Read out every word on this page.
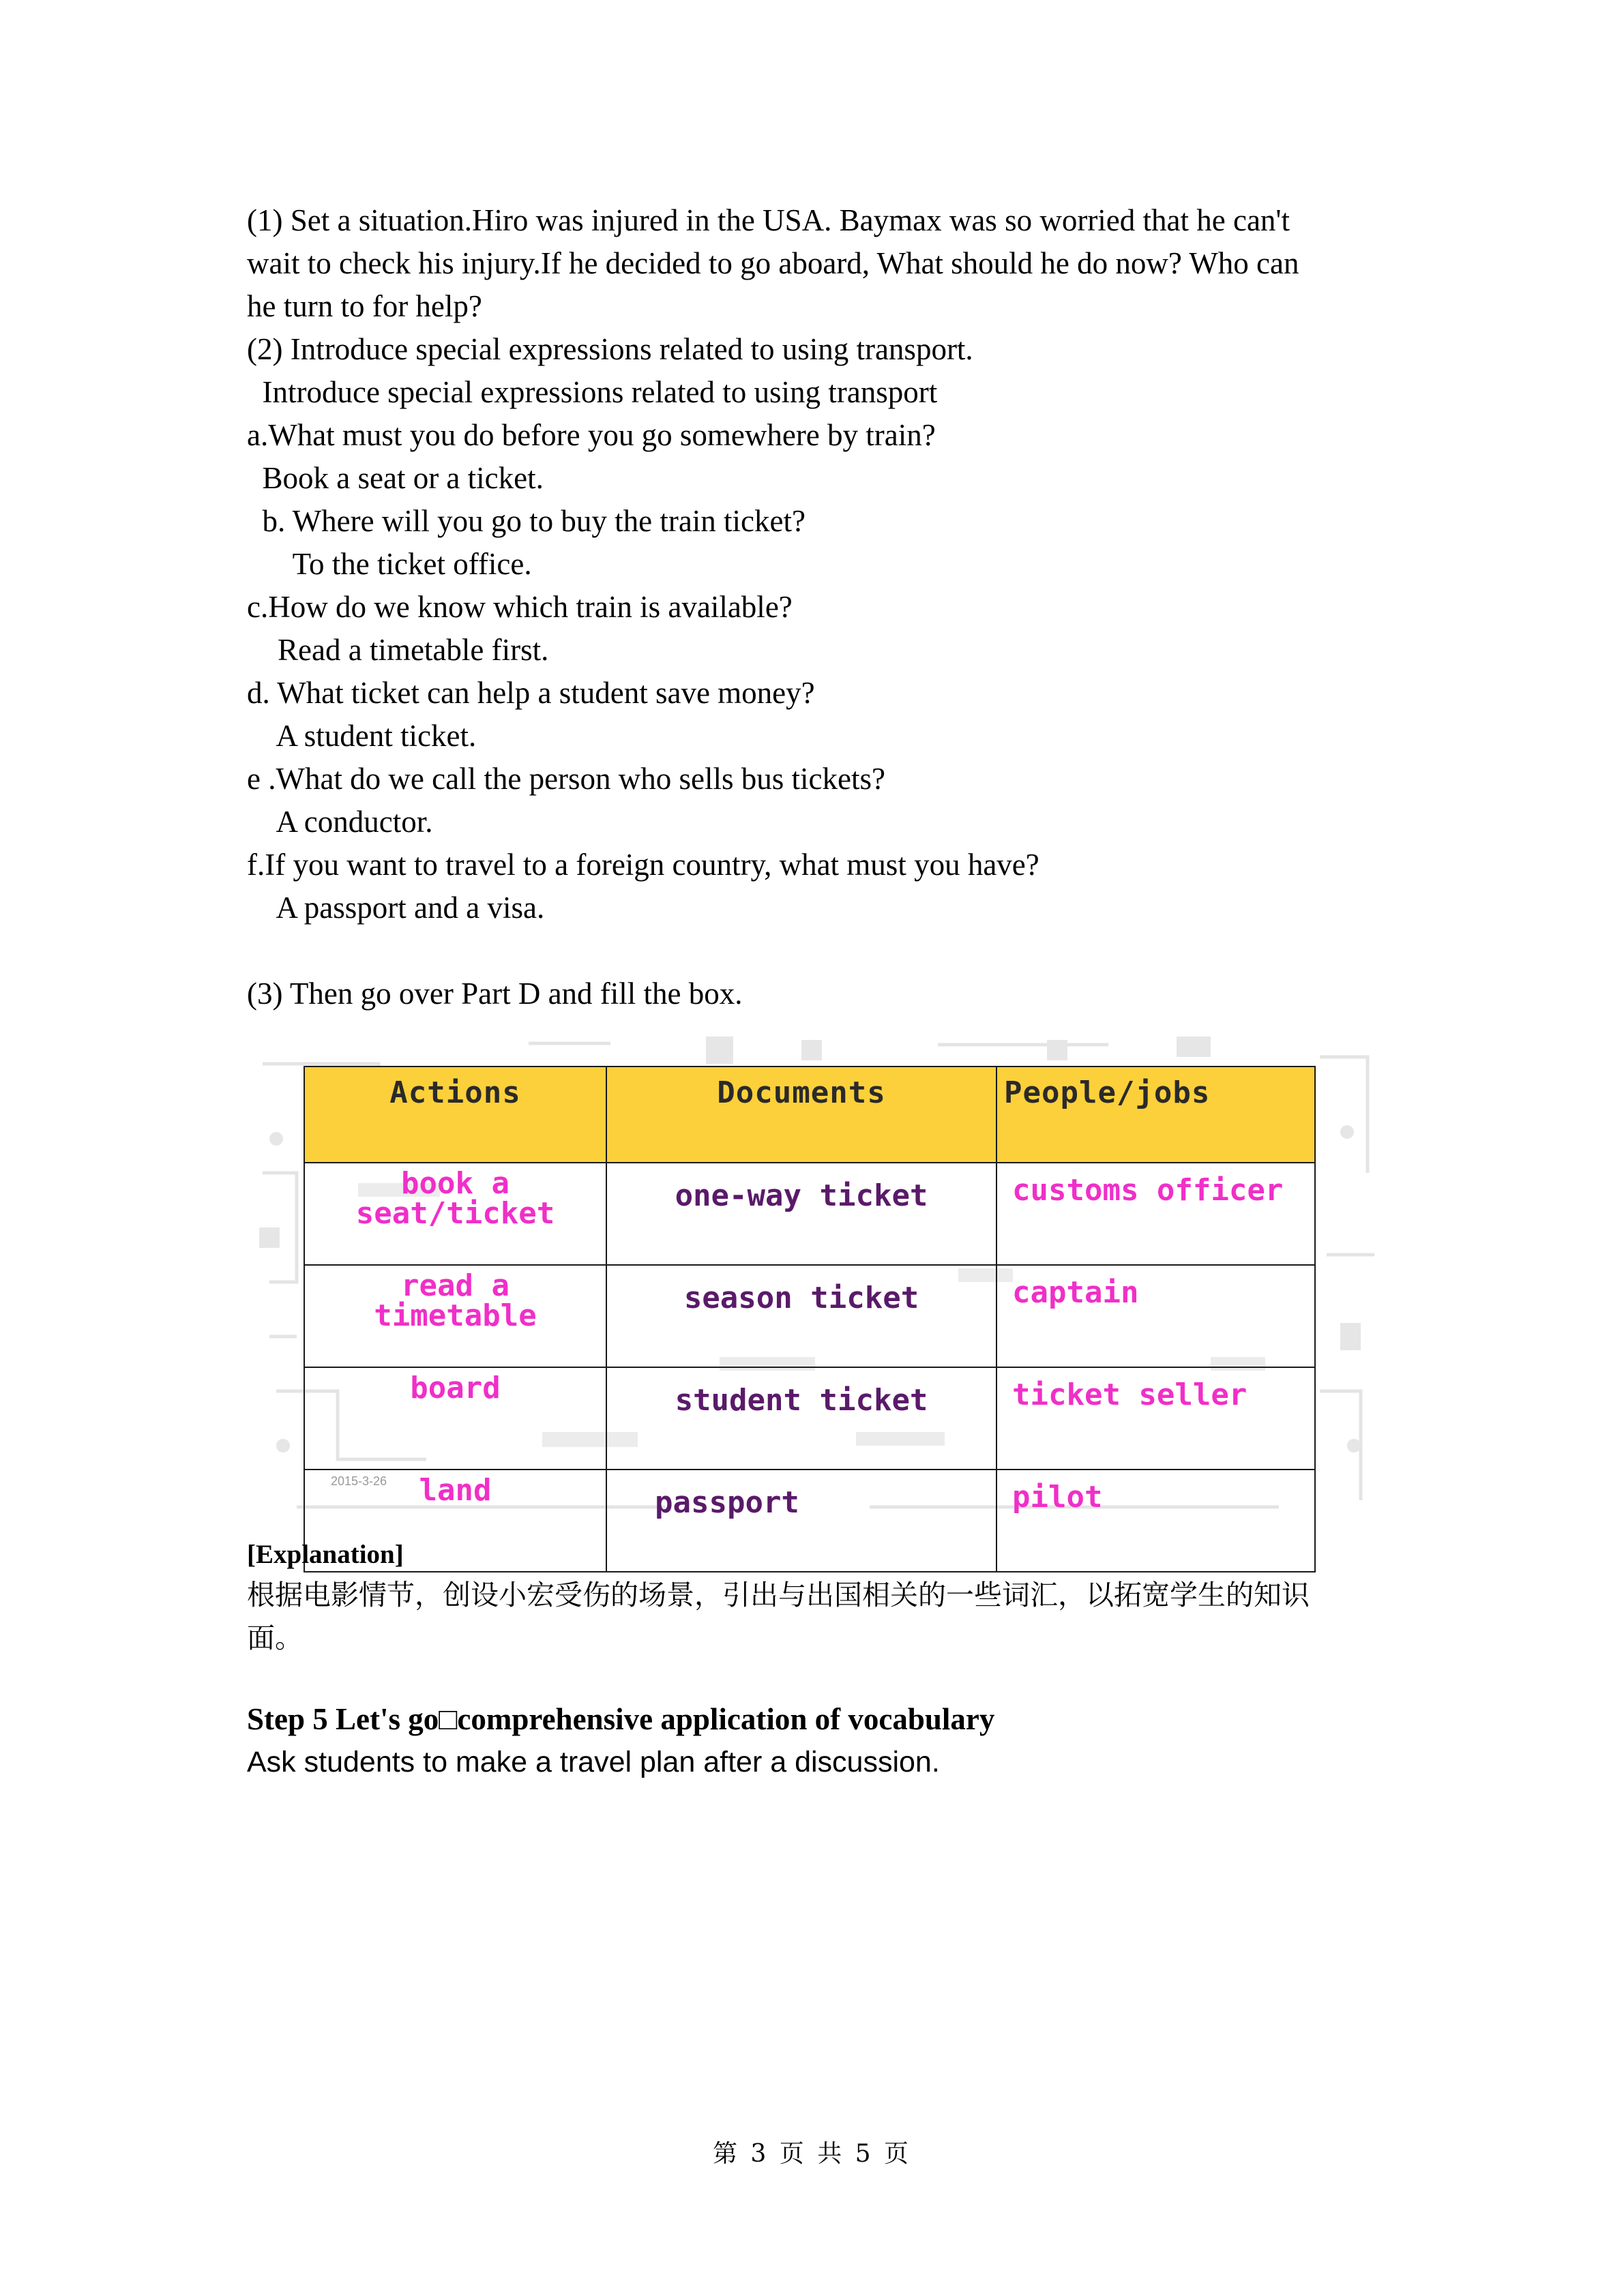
(1) Set a situation.Hiro was injured in the USA. Baymax was so worried that he can't
wait to check his injury.If he decided to go aboard, What should he do now? Who can
he turn to for help?
(2) Introduce special expressions related to using transport.
Introduce special expressions related to using transport
a.What must you do before you go somewhere by train?
Book a seat or a ticket.
b. Where will you go to buy the train ticket?
To the ticket office.
c.How do we know which train is available?
Read a timetable first.
d. What ticket can help a student save money?
A student ticket.
e .What do we call the person who sells bus tickets?
A conductor.
f.If you want to travel to a foreign country, what must you have?
A passport and a visa.
(3) Then go over Part D and fill the box.
Actions	Documents	People/jobs
book a
seat/ticket	one-way ticket	customs officer
read a
timetable	season ticket	captain
board	student ticket	ticket seller
land	passport	pilot
2015-3-26
[Explanation]
根据电影情节，创设小宏受伤的场景，引出与出国相关的一些词汇，以拓宽学生的知识
面。
Step 5 Let's go□comprehensive application of vocabulary
Ask students to make a travel plan after a discussion.
第 3 页 共 5 页
